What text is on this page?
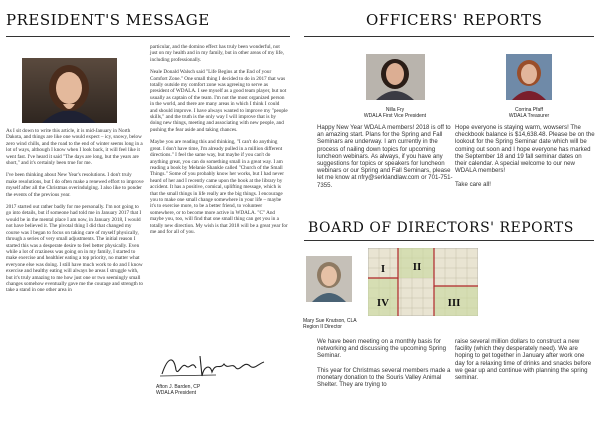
PRESIDENT'S MESSAGE

As I sit down to write this article, it is mid-January in North Dakota, and things are like one would expect – icy, snowy, below zero wind chills, and the road to the end of winter seems long in a lot of ways, although I know when I look back, it will feel like it went fast. I've heard it said "The days are long, but the years are short," and it's certainly been true for me.

I've been thinking about New Year's resolutions. I don't truly make resolutions, but I do often make a renewed effort to improve myself after all the Christmas overindulging. I also like to ponder the events of the previous year.

2017 started out rather badly for me personally. I'm not going to go into details, but if someone had told me in January 2017 that I would be in the mental place I am now, in January 2018, I would not have believed it. The pivotal thing I did that changed my course was I began to focus on taking care of myself physically, through a series of very small adjustments. The initial reason I started this was a desperate desire to feel better physically. Even while a lot of craziness was going on in my family, I started to make exercise and healthier eating a top priority, no matter what everyone else was doing. I still have much work to do and I know exercise and healthy eating will always be areas I struggle with, but it's truly amazing to me how just one or two seemingly small changes somehow eventually gave me the courage and strength to take a stand in one other area in

particular, and the domino effect has truly been wonderful, not just on my health and in my family, but in other areas of my life, including professionally.

Neale Donald Walsch said "Life Begins at the End of your Comfort Zone." One small thing I decided to do in 2017 that was totally outside my comfort zone was agreeing to serve as president of WDALA. I see myself as a good team player, but not usually as captain of the team. I'm not the most organized person in the world, and there are many areas in which I think I could and should improve. I have always wanted to improve my "people skills," and the truth is the only way I will improve that is by doing new things, meeting and associating with new people, and pushing the fear aside and taking chances.

Maybe you are reading this and thinking, "I can't do anything great. I don't have time, I'm already pulled in a million different directions." I feel the same way, but maybe if you can't do anything great, you can do something small in a great way. I am reading a book by Melanie Shankle called "Church of the Small Things." Some of you probably know her works, but I had never heard of her and I recently came upon the book at the library by accident. It has a positive, comical, uplifting message, which is that the small things in life really are the big things. I encourage you to make one small change somewhere in your life – maybe it's to exercise more, to be a better friend, to volunteer somewhere, or to become more active in WDALA. "C" And maybe you, too, will find that one small thing can get you in a totally new direction. My wish is that 2018 will be a great year for me and for all of you.

Afton J. Barden, CP
WDALA President
OFFICERS' REPORTS
Nilla Fry
WDALA First Vice President
Corrina Pfaff
WDALA Treasurer

Happy New Year WDALA members! 2018 is off to an amazing start. Plans for the Spring and Fall Seminars are underway. I am currently in the process of nailing down topics for upcoming luncheon webinars. As always, if you have any suggestions for topics or speakers for luncheon webinars or our Spring and Fall Seminars, please let me know at nfry@serklandlaw.com or 701-751-7355.

Hope everyone is staying warm, wowsers! The checkbook balance is $14,638.48. Please be on the lookout for the Spring Seminar date which will be coming out soon and I hope everyone has marked the September 18 and 19 fall seminar dates on their calendar. A special welcome to our new WDALA members!

Take care all!

BOARD OF DIRECTORS' REPORTS
I	II
III
IV
Mary Sue Knutson, CLA
Region II Director

We have been meeting on a monthly basis for networking and discussing the upcoming Spring Seminar.

This year for Christmas several members made a monetary donation to the Souris Valley Animal Shelter. They are trying to

raise several million dollars to construct a new facility (which they desperately need). We are hoping to get together in January after work one day for a relaxing time of drinks and snacks before we gear up and continue with planning the spring seminar.
